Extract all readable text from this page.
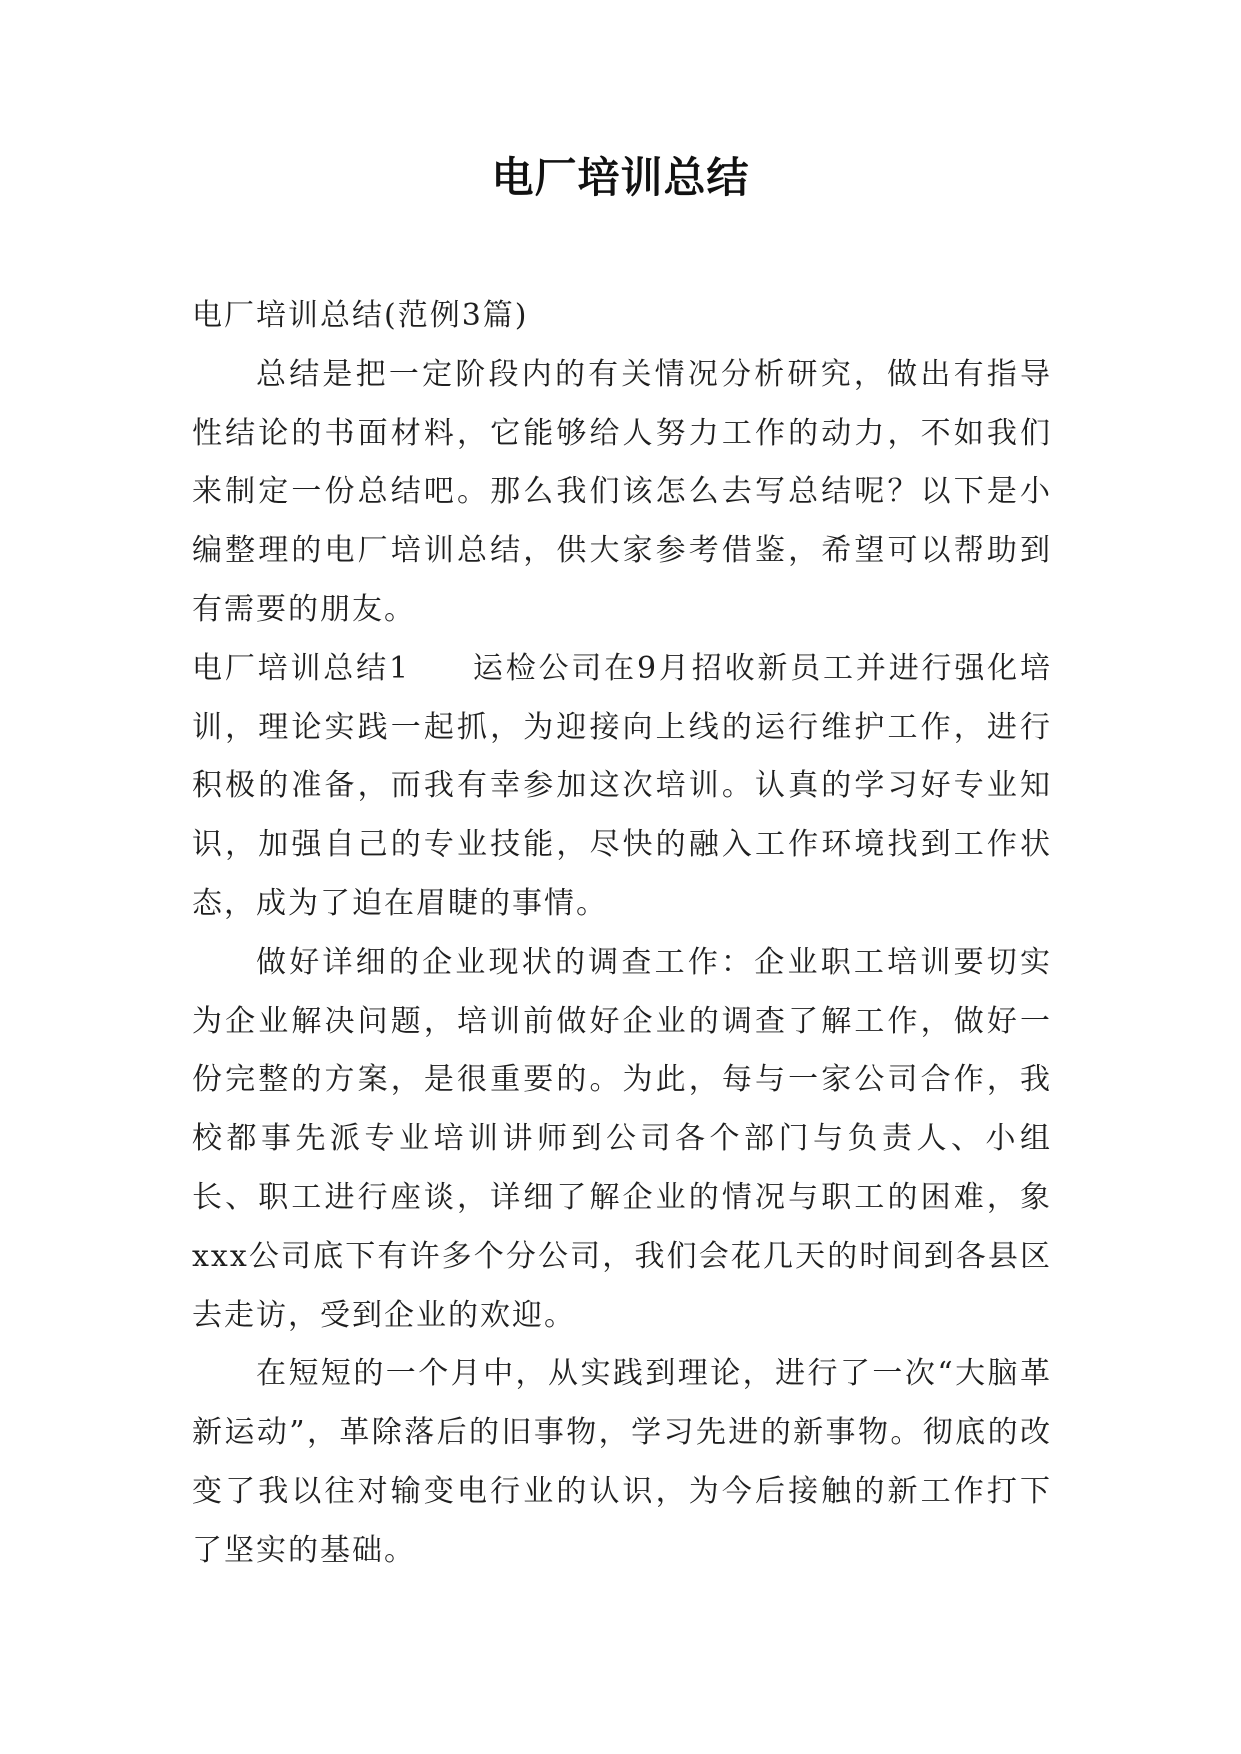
电厂培训总结

电厂培训总结(范例3篇)

总结是把一定阶段内的有关情况分析研究，做出有指导性结论的书面材料，它能够给人努力工作的动力，不如我们来制定一份总结吧。那么我们该怎么去写总结呢？以下是小编整理的电厂培训总结，供大家参考借鉴，希望可以帮助到有需要的朋友。

电厂培训总结1 运检公司在9月招收新员工并进行强化培训，理论实践一起抓，为迎接向上线的运行维护工作，进行积极的准备，而我有幸参加这次培训。认真的学习好专业知识，加强自己的专业技能，尽快的融入工作环境找到工作状态，成为了迫在眉睫的事情。

做好详细的企业现状的调查工作：企业职工培训要切实为企业解决问题，培训前做好企业的调查了解工作，做好一份完整的方案，是很重要的。为此，每与一家公司合作，我校都事先派专业培训讲师到公司各个部门与负责人、小组长、职工进行座谈，详细了解企业的情况与职工的困难，象xxx公司底下有许多个分公司，我们会花几天的时间到各县区去走访，受到企业的欢迎。

在短短的一个月中，从实践到理论，进行了一次“大脑革新运动”，革除落后的旧事物，学习先进的新事物。彻底的改变了我以往对输变电行业的认识，为今后接触的新工作打下了坚实的基础。
